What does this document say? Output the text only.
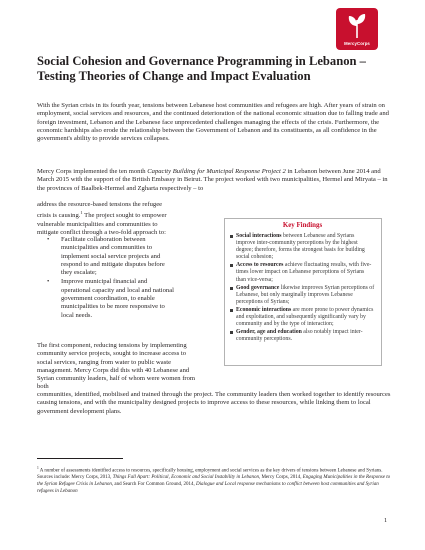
MercyCorps
Social Cohesion and Governance Programming in Lebanon – Testing Theories of Change and Impact Evaluation

With the Syrian crisis in its fourth year, tensions between Lebanese host communities and refugees are high. After years of strain on employment, social services and resources, and the continued deterioration of the national economic situation due to falling trade and foreign investment, Lebanon and the Lebanese face unprecedented challenges managing the effects of the crisis. Furthermore, the economic hardships also erode the relationship between the Government of Lebanon and its constituents, as all confidence in the government's ability to provide services collapses.

Mercy Corps implemented the ten month Capacity Building for Municipal Response Project 2 in Lebanon between June 2014 and March 2015 with the support of the British Embassy in Beirut. The project worked with two municipalities, Hermel and Miryata – in the provinces of Baalbek-Hermel and Zgharta respectively – to

address the resource-based tensions the refugee crisis is causing.$^1$ The project sought to empower vulnerable municipalities and communities to mitigate conflict through a two-fold approach to:

• Facilitate collaboration between municipalities and communities to implement social service projects and respond to and mitigate disputes before they escalate;
• Improve municipal financial and operational capacity and local and national government coordination, to enable municipalities to be more responsive to local needs.

The first component, reducing tensions by implementing community service projects, sought to increase access to social services, ranging from water to public waste management. Mercy Corps did this with 40 Lebanese and Syrian community leaders, half of whom were women from both

communities, identified, mobilised and trained through the project. The community leaders then worked together to identify resources causing tensions, and with the municipality designed projects to improve access to these resources, while linking them to local government development plans.

Key Findings
Social interactions between Lebanese and Syrians improve inter-community perceptions by the highest degree; therefore, forms the strongest basis for building social cohesion;
Access to resources achieve fluctuating results, with five-times lower impact on Lebanese perceptions of Syrians than vice-versa;
Good governance likewise improves Syrian perceptions of Lebanese, but only marginally improves Lebanese perceptions of Syrians;
Economic interactions are more prone to power dynamics and exploitation, and subsequently significantly vary by community and by the type of interaction;
Gender, age and education also notably impact inter-community perceptions.

$^1$ A number of assessments identified access to resources, specifically housing, employment and social services as the key drivers of tensions between Lebanese and Syrians. Sources include: Mercy Corps, 2013, Things Fall Apart: Political, Economic and Social Instability in Lebanon, Mercy Corps, 2014, Engaging Municipalities in the Response to the Syrian Refugee Crisis in Lebanon, and Search For Common Ground, 2014, Dialogue and Local response mechanisms to conflict between host communities and Syrian refugees in Lebanon

1
